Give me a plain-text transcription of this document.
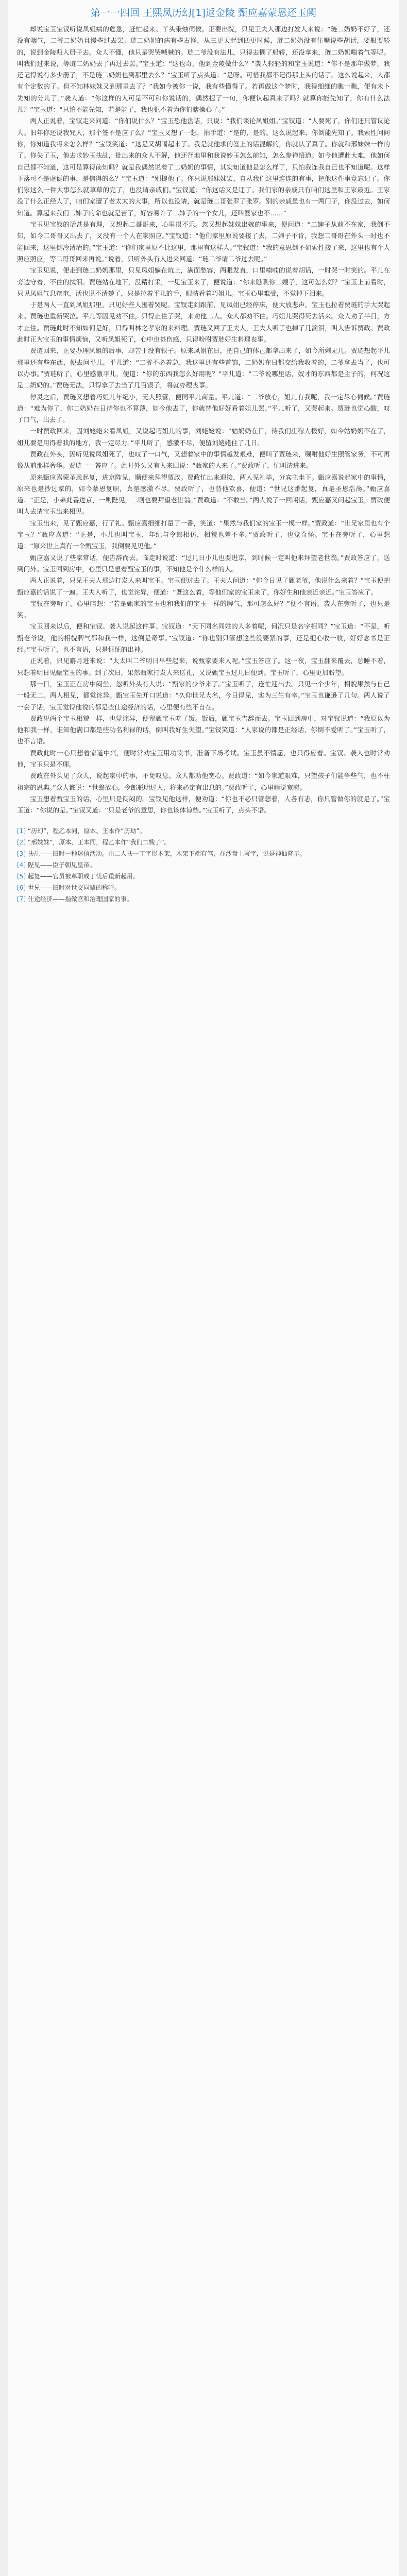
第一一四回 王熙凤历幻[1]返金陵 甄应嘉蒙恩还玉阙

却说宝玉宝钗听说凤姐病的危急，赶忙起来。丫头秉烛伺候。正要出院，只见王夫人那边打发人来说：“琏二奶奶不好了，还没有咽气，二爷二奶奶且慢些过去罢。琏二奶奶的病有些古怪，从三更天起到四更时候，琏二奶奶没有住嘴说些胡话，要船要轿的，说到金陵归入册子去。众人不懂，他只是哭哭喊喊的。琏二爷没有法儿，只得去糊了船轿，还没拿来，琏二奶奶喘着气等呢。叫我们过来说，等琏二奶奶去了再过去罢。”宝玉道：“这也奇，他到金陵做什么？”袭人轻轻的和宝玉说道：“你不是那年做梦，我还记得说有多少册子，不是琏二奶奶也到那里去么？”宝玉听了点头道：“是呀。可惜我都不记得那上头的话了。这么说起来，人都有个定数的了。但不知林妹妹又到那里去了？”我如今被你一说，我有些懂得了。若再做这个梦时，我得细细的瞧一瞧，便有未卜先知的分儿了。”袭人道：“你这样的人可是不可和你说话的，偶然提了一句，你便认起真来了吗？就算你能先知了，你有什么法儿？”宝玉道：“只怕不能先知，若是能了，我也犯不着为你们瞎操心了。”

两人正说着，宝钗走来问道：“你们说什么？”宝玉恐他盘诘，只说：“我们谈论凤姐姐。”宝钗道：“人要死了，你们还只管议论人。旧年你还说我咒人，那个签不是应了么？”宝玉又想了一想，拍手道：“是的，是的。这么说起来，你倒能先知了。我索性问问你，你知道我将来怎么样？”宝钗笑道：“这是又胡闹起来了。我是就他求的签上的话混解的，你就认了真了。你就和邢妹妹一样的了。你失了玉，他去求妙玉扶乩，批出来的众人不解，他还背地里和我说妙玉怎么前知，怎么参禅悟道。如今他遭此大难，他如何自己都不知道，这可是算得前知吗？就是我偶然说着了二奶奶的事情，其实知道他是怎么样了，只怕我连我自己也不知道呢。这样下落可不是虚诞的事，是信得的么？”宝玉道：“别提他了。你只说邢妹妹罢，自从我们这里连连的有事，把他这件事竟忘记了。你们家这么一件大事怎么就草草的完了，也没请亲戚们。”宝钗道：“你这话又是迂了。我们家的亲戚只有咱们这里和王家最近。王家没了什么正经人了，咱们家遭了老太太的大事，所以也没请，就是琏二哥张罗了张罗。别的亲戚虽也有一两门子，你没过去，如何知道。算起来我们二婶子的命也就是苦了，好容易许了二婶子的一个女儿，还叫婆家也不……”

宝玉见宝钗的话甚是有理，又想起二哥哥来，心里很不乐。忽又想起妹妹出嫁的事来，便问道：“二婶子从前不在家，我倒不知，如今二哥哥又出去了，又没有一个人在家照应。”宝钗道：“他们家里原说要接了去，二婶子不肯，我想二哥哥在外头一时也不能回来，这里倒冷清清的。”宝玉道：“你们家里原不比这里，那里有这样人。”宝钗道：“我的意思倒不如索性接了来，这里也有个人照应照应，等二哥哥回来再说。”说着，只听外头有人进来回道：“琏二爷请二爷过去呢。”

宝玉见说，便走到琏二奶奶那里，只见凤姐躺在炕上，满面愁容，两眼发直，口里喃喃的说着胡话，一时哭一时笑的。平儿在旁边守着，不住的拭泪。贾琏站在地下，没精打采，一见宝玉来了，便说道：“你来瞧瞧你二嫂子，这可怎么好？”宝玉上前看时，只见凤姐气息奄奄，话也说不清楚了，只是拉着平儿的手，眼睛看着巧姐儿。宝玉心里难受，不觉掉下泪来。

于是两人一直到凤姐那里，只见好些人围着哭呢。宝钗走到跟前，见凤姐已经停床，便大放悲声。宝玉也拉着贾琏的手大哭起来。贾琏也重新哭泣。平儿等因见劝不住，只得止住了哭，来劝他二人。众人都劝不住。巧姐儿哭得死去活来。众人劝了半日，方才止住。贾琏此时不知如何是好，只得叫林之孝家的来料理。贾琏又回了王夫人，王夫人听了也掉了几滴泪，叫人告诉贾政。贾政此时正为宝玉的事情烦恼，又听凤姐死了，心中也甚伤感，只得吩咐贾琏好生料理丧事。

贾琏回来，正要办理凤姐的后事，却苦于没有银子。原来凤姐在日，把自己的体己都拿出来了，如今所剩无几。贾琏想起平儿那里还有些东西，便去问平儿。平儿道：“二爷不必着急，我这里还有些首饰，二奶奶在日都交给我收着的，二爷拿去当了，也可以办事。”贾琏听了，心里感激平儿，便道：“你的东西我怎么好用呢？”平儿道：“二爷说哪里话，奴才的东西都是主子的，何况这是二奶奶的。”贾琏无法，只得拿了去当了几百银子，将就办理丧事。

停灵之后，贾琏又想着巧姐儿年纪小，无人照管，便同平儿商量。平儿道：“二爷放心，姐儿有我呢，我一定尽心伺候。”贾琏道：“难为你了，你二奶奶在日待你也不算薄，如今他去了，你就替他好好看着姐儿罢。”平儿听了，又哭起来。贾琏也觉心酸，叹了口气，出去了。

一时贾政回来，因刘姥姥来看凤姐，又说起巧姐儿的事，刘姥姥说：“姑奶奶在日，待我们庄稼人极好，如今姑奶奶不在了，姐儿要是用得着我的地方，我一定尽力。”平儿听了，感激不尽，便留刘姥姥住了几日。

贾政在外头，因听见说凤姐死了，也叹了一口气，又想着家中的事情越发艰难，便叫了贾琏来，嘱咐他好生照管家务，不可再像从前那样奢华。贾琏一一答应了。此时外头又有人来回说：“甄家的人来了。”贾政听了，忙叫请进来。

原来甄应嘉蒙圣恩起复，进京陛见，顺便来拜望贾政。贾政忙出来迎接，两人见礼毕，分宾主坐下。甄应嘉说起家中的事情，原来也是抄过家的，如今蒙恩复职，真是感激不尽。贾政听了，也替他欢喜，便道：“世兄这番起复，真是圣恩浩荡。”甄应嘉道：“正是，小弟此番进京，一则陛见，二则也要拜望老世翁。”贾政道：“不敢当。”两人说了一回闲话，甄应嘉又问起宝玉，贾政便叫人去请宝玉出来相见。

宝玉出来，见了甄应嘉，行了礼。甄应嘉细细打量了一番，笑道：“果然与我们家的宝玉一模一样。”贾政道：“世兄家里也有个宝玉？”甄应嘉道：“正是，小儿也叫宝玉，年纪与令郎相仿，相貌也差不多。”贾政听了，也觉奇怪。宝玉在旁听了，心里想道：“原来世上真有一个甄宝玉，我倒要见见他。”

甄应嘉又说了些家常话，便告辞而去。临走时说道：“过几日小儿也要进京，到时候一定叫他来拜望老世翁。”贾政答应了，送到门外。宝玉回到房中，心里只是想着甄宝玉的事，不知他是个什么样的人。

两人正说着，只见王夫人那边打发人来叫宝玉。宝玉便过去了。王夫人问道：“你今日见了甄老爷，他说什么来着？”宝玉便把甄应嘉的话说了一遍。王夫人听了，也觉诧异，便道：“既这么着，等他们家的宝玉来了，你好生和他亲近亲近。”宝玉答应了。

宝钗在旁听了，心里暗想：“若是甄家的宝玉也和我们的宝玉一样的脾气，那可怎么好？”便不言语。袭人在旁听了，也只是笑。

宝玉回来以后，便和宝钗、袭人说起这件事。宝钗道：“天下同名同姓的人多着呢，何况只是名字相同？”宝玉道：“不是，听甄老爷说，他的相貌脾气都和我一样，这倒是奇事。”宝钗道：“你也别只管想这些没要紧的事，还是把心收一收，好好念书是正经。”宝玉听了，也不言语，只是怔怔的出神。

正说着，只见麝月进来说：“太太叫二爷明日早些起来，说甄家要来人呢。”宝玉答应了。这一夜，宝玉翻来覆去，总睡不着，只想着明日见甄宝玉的事。到了次日，果然甄家打发人来送礼，又说甄宝玉过几日便到。宝玉听了，心里更加盼望。

那一日，宝玉正在房中闷坐，忽听外头有人说：“甄家的少爷来了。”宝玉听了，连忙迎出去。只见一个少年，相貌果然与自己一般无二。两人相见，都觉诧异。甄宝玉先开口说道：“久仰世兄大名，今日得见，实为三生有幸。”宝玉也谦逊了几句。两人说了一会子话，宝玉觉得他说的都是些仕途经济的话，心里便有些不自在。

贾政见两个宝玉相貌一样，也觉诧异，便留甄宝玉吃了饭。饭后，甄宝玉告辞而去。宝玉回到房中，对宝钗说道：“我原以为他和我一样，谁知他满口都是些功名利禄的话，倒叫我好生失望。”宝钗笑道：“人家说的都是正经话，你倒不爱听了。”宝玉听了，也不言语。

贾政此时一心只想着家道中兴，便时常劝宝玉用功读书，准备下场考试。宝玉虽不情愿，也只得应着。宝钗、袭人也时常劝他，宝玉只是不理。

贾政在外头见了众人，说起家中的事，不免叹息。众人都劝他宽心。贾政道：“如今家道艰难，只望孩子们能争些气，也不枉祖宗的恩典。”众人都说：“世翁放心，令郎聪明过人，将来必定有出息的。”贾政听了，心里稍觉宽慰。

宝玉想着甄宝玉的话，心里只是闷闷的。宝钗见他这样，便劝道：“你也不必只管想着，人各有志，你只管做你的就是了。”宝玉道：“你说的是。”宝钗又道：“只是老爷的意思，你也该体谅些。”宝玉听了，点头不语。

[1] “历幻”，程乙本同，原本、王本作“历劫”。

[2] “邢妹妹”，原本、王本同，程乙本作“我们二嫂子”。

[3] 扶乩——旧时一种迷信活动。由二人扶一丁字形木架，木架下端有笔，在沙盘上写字，说是神仙降示。

[4] 陛见——臣子朝见皇帝。

[5] 起复——官员被革职或丁忧后重新起用。

[6] 世兄——旧时对世交同辈的称呼。

[7] 仕途经济——指做官和治理国家的事。
